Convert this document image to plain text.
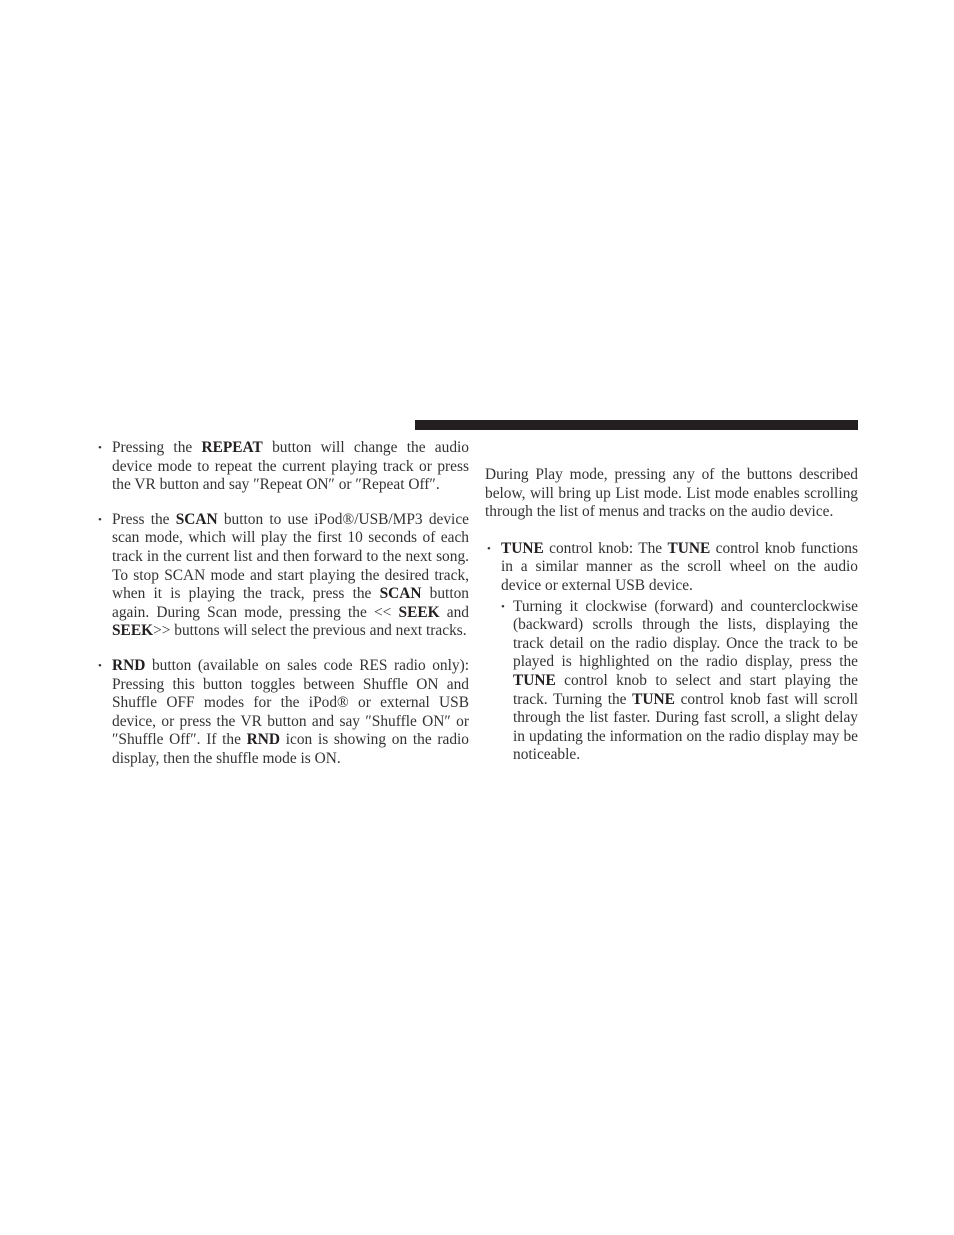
• Pressing the REPEAT button will change the audio device mode to repeat the current playing track or press the VR button and say ″Repeat ON″ or ″Repeat Off″.
• Press the SCAN button to use iPod®/USB/MP3 device scan mode, which will play the first 10 seconds of each track in the current list and then forward to the next song. To stop SCAN mode and start playing the desired track, when it is playing the track, press the SCAN button again. During Scan mode, pressing the << SEEK and SEEK>> buttons will select the previous and next tracks.
• RND button (available on sales code RES radio only): Pressing this button toggles between Shuffle ON and Shuffle OFF modes for the iPod® or external USB device, or press the VR button and say ″Shuffle ON″ or ″Shuffle Off″. If the RND icon is showing on the radio display, then the shuffle mode is ON.

During Play mode, pressing any of the buttons described below, will bring up List mode. List mode enables scrolling through the list of menus and tracks on the audio device.

• TUNE control knob: The TUNE control knob functions in a similar manner as the scroll wheel on the audio device or external USB device.
• Turning it clockwise (forward) and counterclockwise (backward) scrolls through the lists, displaying the track detail on the radio display. Once the track to be played is highlighted on the radio display, press the TUNE control knob to select and start playing the track. Turning the TUNE control knob fast will scroll through the list faster. During fast scroll, a slight delay in updating the information on the radio display may be noticeable.
